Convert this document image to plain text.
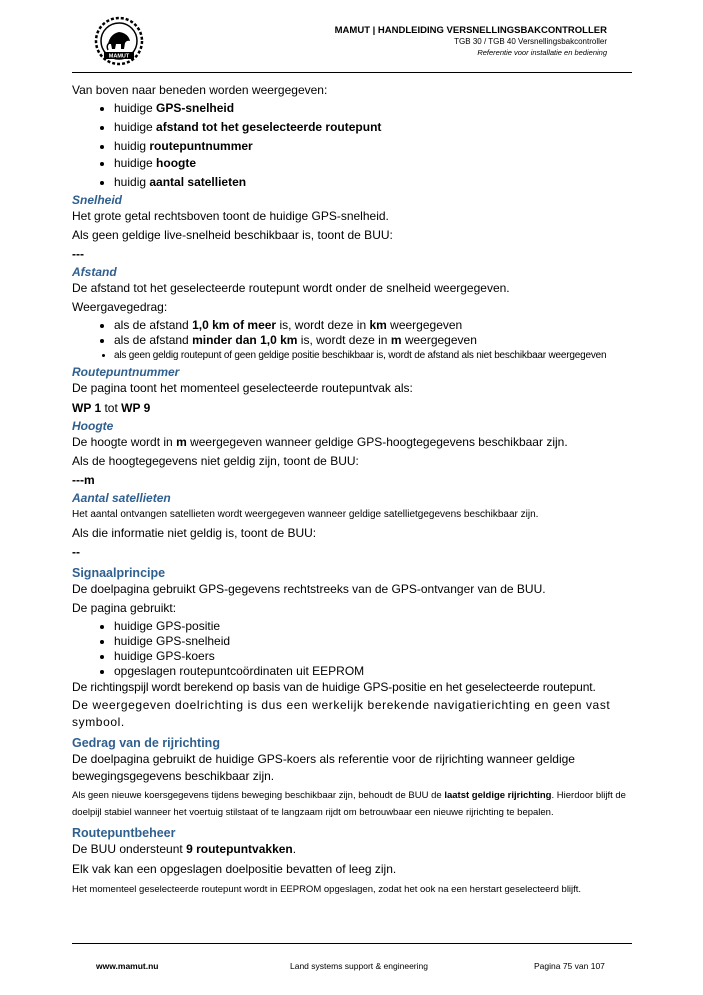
MAMUT
MAMUT | HANDLEIDING VERSNELLINGSBAKCONTROLLER
TGB 30 / TGB 40 Versnellingsbakcontroller
Referentie voor installatie en bediening

Van boven naar beneden worden weergegeven:

• huidige GPS-snelheid
• huidige afstand tot het geselecteerde routepunt
• huidig routepuntnummer
• huidige hoogte
• huidig aantal satellieten
Snelheid

Het grote getal rechtsboven toont de huidige GPS-snelheid.

Als geen geldige live-snelheid beschikbaar is, toont de BUU:

---

Afstand

De afstand tot het geselecteerde routepunt wordt onder de snelheid weergegeven.

Weergavegedrag:

• als de afstand 1,0 km of meer is, wordt deze in km weergegeven
• als de afstand minder dan 1,0 km is, wordt deze in m weergegeven
• als geen geldig routepunt of geen geldige positie beschikbaar is, wordt de afstand als niet beschikbaar weergegeven
Routepuntnummer

De pagina toont het momenteel geselecteerde routepuntvak als:

WP 1 tot WP 9

Hoogte

De hoogte wordt in m weergegeven wanneer geldige GPS-hoogtegegevens beschikbaar zijn.

Als de hoogtegegevens niet geldig zijn, toont de BUU:

---m

Aantal satellieten

Het aantal ontvangen satellieten wordt weergegeven wanneer geldige satellietgegevens beschikbaar zijn.

Als die informatie niet geldig is, toont de BUU:

--

Signaalprincipe

De doelpagina gebruikt GPS-gegevens rechtstreeks van de GPS-ontvanger van de BUU.

De pagina gebruikt:

• huidige GPS-positie
• huidige GPS-snelheid
• huidige GPS-koers
• opgeslagen routepuntcoördinaten uit EEPROM

De richtingspijl wordt berekend op basis van de huidige GPS-positie en het geselecteerde routepunt.

De weergegeven doelrichting is dus een werkelijk berekende navigatierichting en geen vast symbool.

Gedrag van de rijrichting

De doelpagina gebruikt de huidige GPS-koers als referentie voor de rijrichting wanneer geldige bewegingsgegevens beschikbaar zijn.

Als geen nieuwe koersgegevens tijdens beweging beschikbaar zijn, behoudt de BUU de laatst geldige rijrichting. Hierdoor blijft de doelpijl stabiel wanneer het voertuig stilstaat of te langzaam rijdt om betrouwbaar een nieuwe rijrichting te bepalen.

Routepuntbeheer

De BUU ondersteunt 9 routepuntvakken.

Elk vak kan een opgeslagen doelpositie bevatten of leeg zijn.

Het momenteel geselecteerde routepunt wordt in EEPROM opgeslagen, zodat het ook na een herstart geselecteerd blijft.

www.mamut.nu	Land systems support & engineering	Pagina 75 van 107
